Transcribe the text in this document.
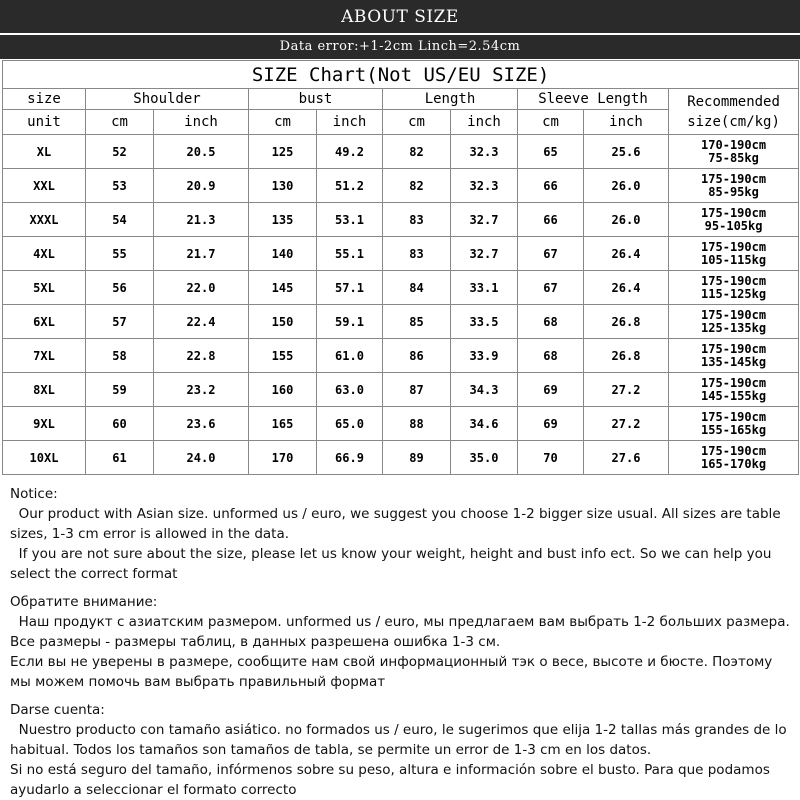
ABOUT SIZE
Data error:+1-2cm Linch=2.54cm
SIZE Chart(Not US/EU SIZE)									
size	Shoulder		bust		Length		Sleeve Length		Recommended
size(cm/kg)

unit	cm	inch	cm	inch	cm	inch	cm	inch	
XL	52	20.5	125	49.2	82	32.3	65	25.6	170-190cm
75-85kg

XXL	53	20.9	130	51.2	82	32.3	66	26.0	175-190cm
85-95kg

XXXL	54	21.3	135	53.1	83	32.7	66	26.0	175-190cm
95-105kg

4XL	55	21.7	140	55.1	83	32.7	67	26.4	175-190cm
105-115kg

5XL	56	22.0	145	57.1	84	33.1	67	26.4	175-190cm
115-125kg

6XL	57	22.4	150	59.1	85	33.5	68	26.8	175-190cm
125-135kg

7XL	58	22.8	155	61.0	86	33.9	68	26.8	175-190cm
135-145kg

8XL	59	23.2	160	63.0	87	34.3	69	27.2	175-190cm
145-155kg

9XL	60	23.6	165	65.0	88	34.6	69	27.2	175-190cm
155-165kg

10XL	61	24.0	170	66.9	89	35.0	70	27.6	175-190cm
165-170kg

Notice:

Our product with Asian size. unformed us / euro, we suggest you choose 1-2 bigger size usual. All sizes are table sizes, 1-3 cm error is allowed in the data.

If you are not sure about the size, please let us know your weight, height and bust info ect. So we can help you select the correct format

Обратите внимание:

Наш продукт с азиатским размером. unformed us / euro, мы предлагаем вам выбрать 1-2 больших размера. Все размеры - размеры таблиц, в данных разрешена ошибка 1-3 см.

Если вы не уверены в размере, сообщите нам свой информационный тэк о весе, высоте и бюсте. Поэтому мы можем помочь вам выбрать правильный формат

Darse cuenta:

Nuestro producto con tamaño asiático. no formados us / euro, le sugerimos que elija 1-2 tallas más grandes de lo habitual. Todos los tamaños son tamaños de tabla, se permite un error de 1-3 cm en los datos.

Si no está seguro del tamaño, infórmenos sobre su peso, altura e información sobre el busto. Para que podamos ayudarlo a seleccionar el formato correcto
